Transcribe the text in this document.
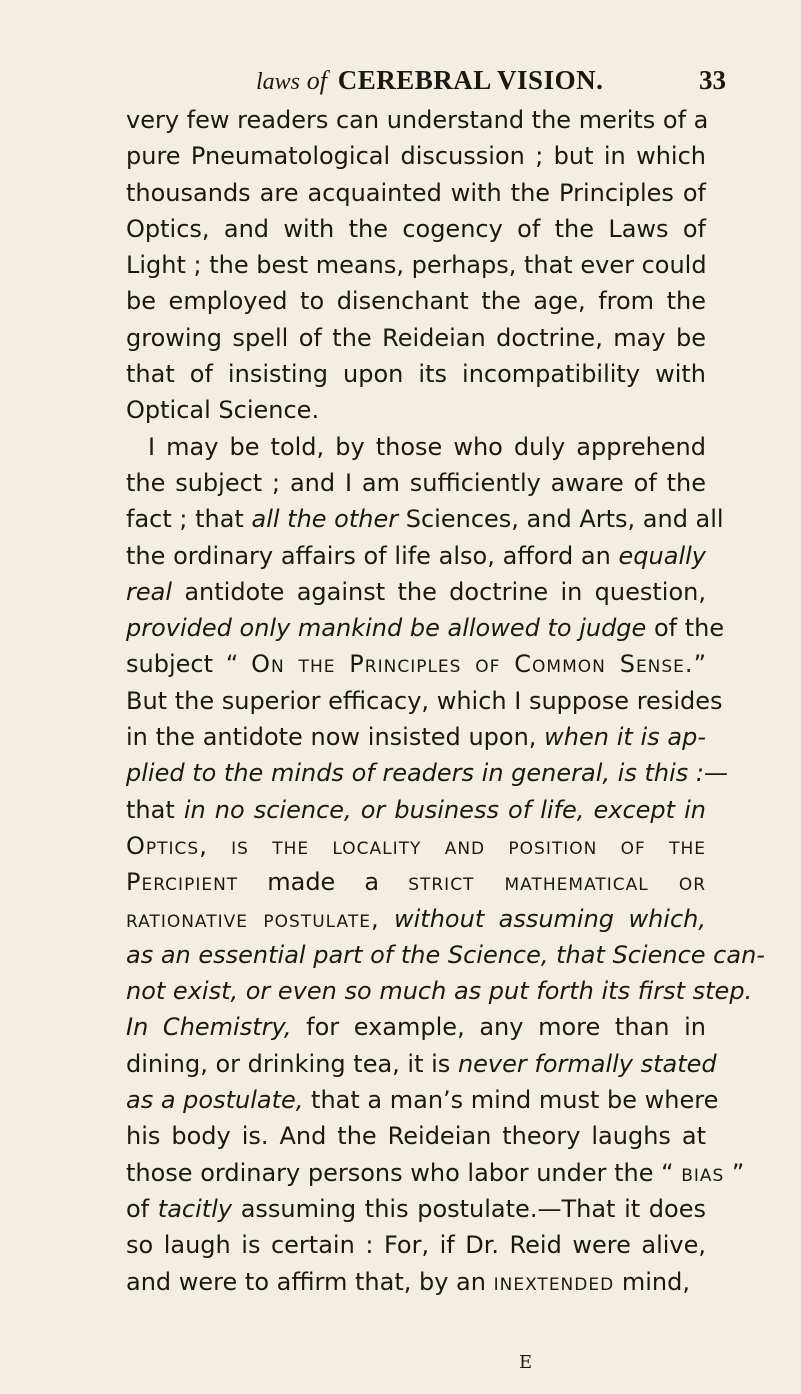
laws of CEREBRAL VISION.	33
very few readers can understand the merits of a
pure Pneumatological discussion ; but in which
thousands are acquainted with the Principles of
Optics, and with the cogency of the Laws of
Light ; the best means, perhaps, that ever could
be employed to disenchant the age, from the
growing spell of the Reideian doctrine, may be
that of insisting upon its incompatibility with
Optical Science.
I may be told, by those who duly apprehend
the subject ; and I am sufficiently aware of the
fact ; that all the other Sciences, and Arts, and all
the ordinary affairs of life also, afford an equally
real antidote against the doctrine in question,
provided only mankind be allowed to judge of the
subject “ On the Principles of Common Sense.”
But the superior efficacy, which I suppose resides
in the antidote now insisted upon, when it is ap-
plied to the minds of readers in general, is this :—
that in no science, or business of life, except in
Optics, is the locality and position of the
Percipient made a strict mathematical or
rationative postulate, without assuming which,
as an essential part of the Science, that Science can-
not exist, or even so much as put forth its first step.
In Chemistry, for example, any more than in
dining, or drinking tea, it is never formally stated
as a postulate, that a man’s mind must be where
his body is. And the Reideian theory laughs at
those ordinary persons who labor under the “ bias ”
of tacitly assuming this postulate.—That it does
so laugh is certain : For, if Dr. Reid were alive,
and were to affirm that, by an inextended mind,
E
